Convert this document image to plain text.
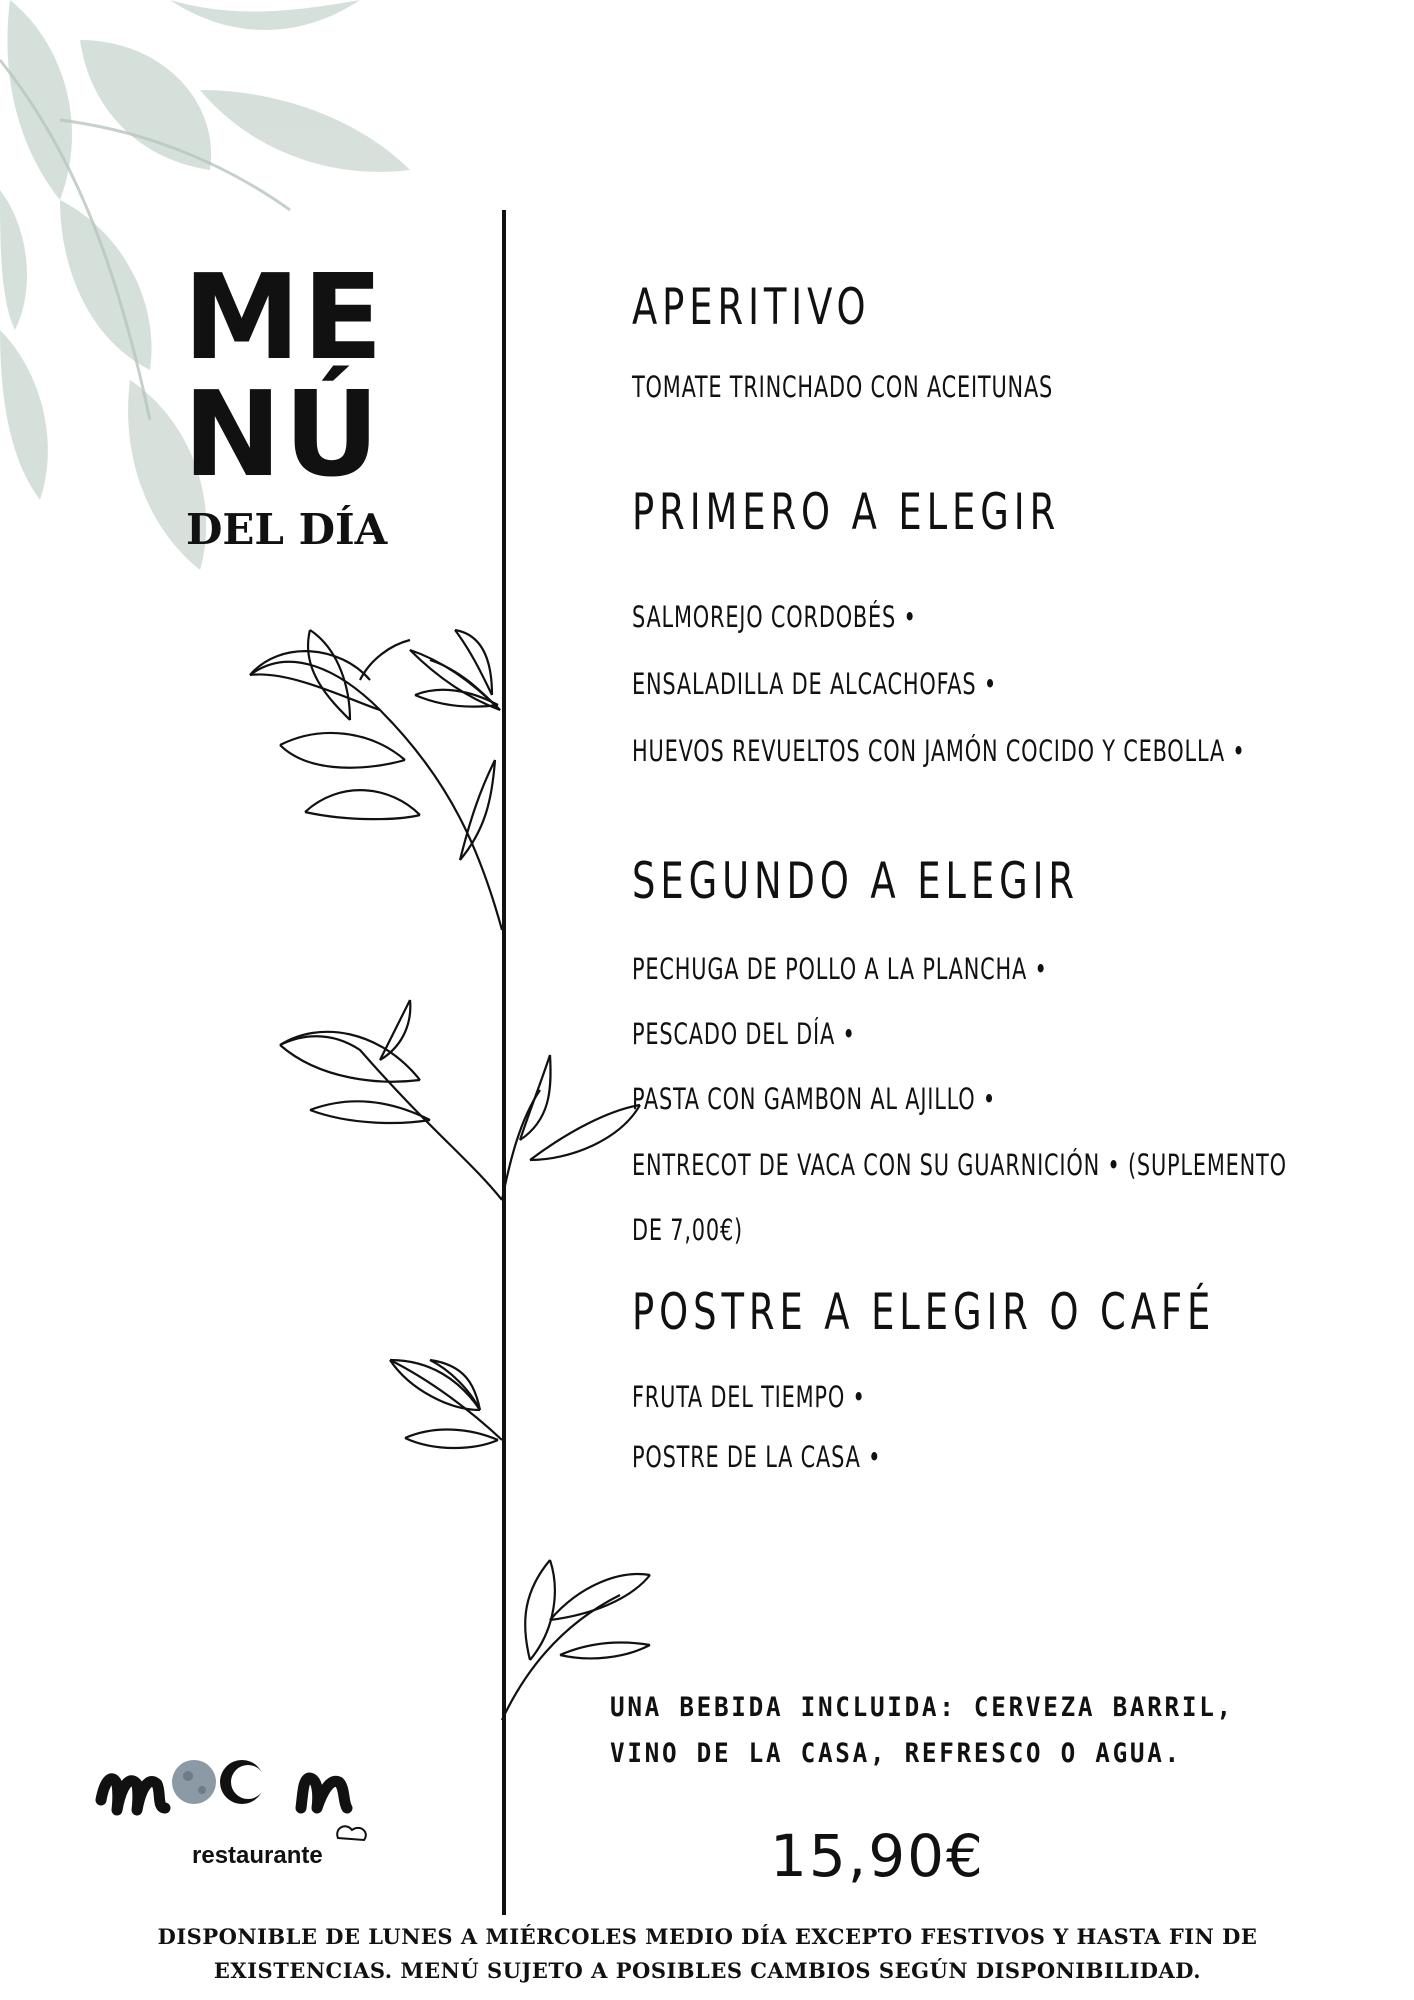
ME
NÚ
DEL DÍA
APERITIVO
TOMATE TRINCHADO CON ACEITUNAS
PRIMERO A ELEGIR
SALMOREJO CORDOBÉS •
ENSALADILLA DE ALCACHOFAS •
HUEVOS REVUELTOS CON JAMÓN COCIDO Y CEBOLLA •
SEGUNDO A ELEGIR
PECHUGA DE POLLO A LA PLANCHA •
PESCADO DEL DÍA •
PASTA CON GAMBON AL AJILLO •
ENTRECOT DE VACA CON SU GUARNICIÓN • (SUPLEMENTO
DE 7,00€)
POSTRE A ELEGIR O CAFÉ
FRUTA DEL TIEMPO •
POSTRE DE LA CASA •
UNA BEBIDA INCLUIDA: CERVEZA BARRIL,
VINO DE LA CASA, REFRESCO O AGUA.
15,90€
restaurante
DISPONIBLE DE LUNES A MIÉRCOLES MEDIO DÍA EXCEPTO FESTIVOS Y HASTA FIN DE
EXISTENCIAS. MENÚ SUJETO A POSIBLES CAMBIOS SEGÚN DISPONIBILIDAD.
